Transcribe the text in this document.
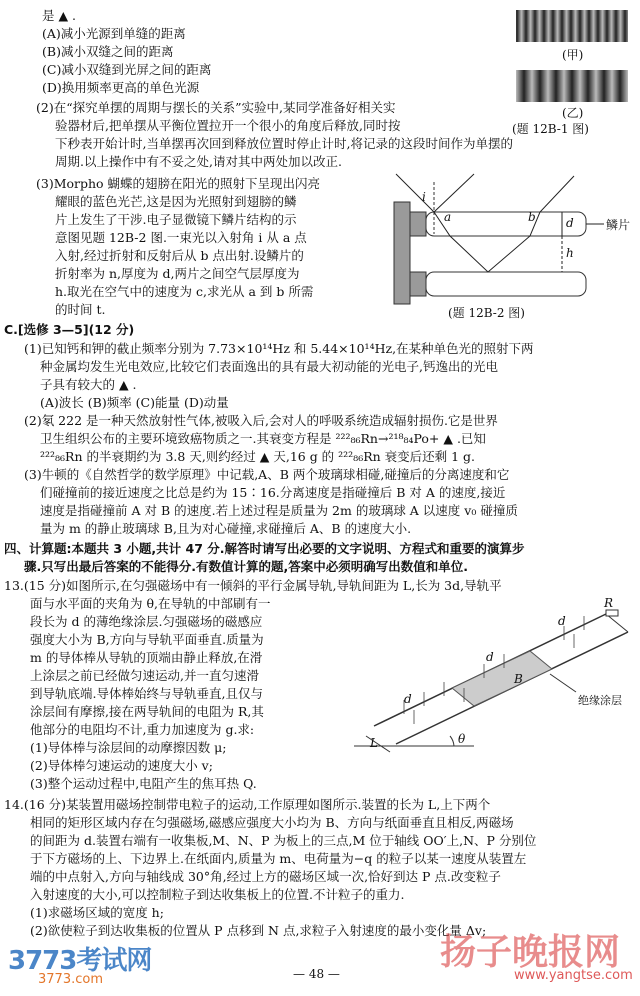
是 ▲ .
(A)减小光源到单缝的距离
(B)减小双缝之间的距离
(C)减小双缝到光屏之间的距离
(D)换用频率更高的单色光源
(2)在“探究单摆的周期与摆长的关系”实验中,某同学准备好相关实
验器材后,把单摆从平衡位置拉开一个很小的角度后释放,同时按
下秒表开始计时,当单摆再次回到释放位置时停止计时,将记录的这段时间作为单摆的
周期.以上操作中有不妥之处,请对其中两处加以改正.
(3)Morpho 蝴蝶的翅膀在阳光的照射下呈现出闪亮
耀眼的蓝色光芒,这是因为光照射到翅膀的鳞
片上发生了干涉.电子显微镜下鳞片结构的示
意图见题 12B-2 图.一束光以入射角 i 从 a 点
入射,经过折射和反射后从 b 点出射.设鳞片的
折射率为 n,厚度为 d,两片之间空气层厚度为
h.取光在空气中的速度为 c,求光从 a 到 b 所需
的时间 t.
(甲)
(乙)
(题 12B-1 图)
i
a	b	d
h
鳞片
(题 12B-2 图)
C.[选修 3—5](12 分)
(1)已知钙和钾的截止频率分别为 7.73×10¹⁴Hz 和 5.44×10¹⁴Hz,在某种单色光的照射下两
种金属均发生光电效应,比较它们表面逸出的具有最大初动能的光电子,钙逸出的光电
子具有较大的 ▲ .
(A)波长 (B)频率 (C)能量 (D)动量
(2)氡 222 是一种天然放射性气体,被吸入后,会对人的呼吸系统造成辐射损伤.它是世界
卫生组织公布的主要环境致癌物质之一.其衰变方程是 ²²²₈₆Rn→²¹⁸₈₄Po+ ▲ .已知
²²²₈₆Rn 的半衰期约为 3.8 天,则约经过 ▲ 天,16 g 的 ²²²₈₆Rn 衰变后还剩 1 g.
(3)牛顿的《自然哲学的数学原理》中记载,A、B 两个玻璃球相碰,碰撞后的分离速度和它
们碰撞前的接近速度之比总是约为 15∶16.分离速度是指碰撞后 B 对 A 的速度,接近
速度是指碰撞前 A 对 B 的速度.若上述过程是质量为 2m 的玻璃球 A 以速度 v₀ 碰撞质
量为 m 的静止玻璃球 B,且为对心碰撞,求碰撞后 A、B 的速度大小.
四、计算题:本题共 3 小题,共计 47 分.解答时请写出必要的文字说明、方程式和重要的演算步
骤.只写出最后答案的不能得分.有数值计算的题,答案中必须明确写出数值和单位.
13.(15 分)如图所示,在匀强磁场中有一倾斜的平行金属导轨,导轨间距为 L,长为 3d,导轨平
面与水平面的夹角为 θ,在导轨的中部刷有一
段长为 d 的薄绝缘涂层.匀强磁场的磁感应
强度大小为 B,方向与导轨平面垂直.质量为
m 的导体棒从导轨的顶端由静止释放,在滑
上涂层之前已经做匀速运动,并一直匀速滑
到导轨底端.导体棒始终与导轨垂直,且仅与
涂层间有摩擦,接在两导轨间的电阻为 R,其
他部分的电阻均不计,重力加速度为 g.求:
(1)导体棒与涂层间的动摩擦因数 μ;
(2)导体棒匀速运动的速度大小 v;
(3)整个运动过程中,电阻产生的焦耳热 Q.
R
B
d
d
d
L	θ
绝缘涂层
14.(16 分)某装置用磁场控制带电粒子的运动,工作原理如图所示.装置的长为 L,上下两个
相同的矩形区域内存在匀强磁场,磁感应强度大小均为 B、方向与纸面垂直且相反,两磁场
的间距为 d.装置右端有一收集板,M、N、P 为板上的三点,M 位于轴线 OO′上,N、P 分别位
于下方磁场的上、下边界上.在纸面内,质量为 m、电荷量为−q 的粒子以某一速度从装置左
端的中点射入,方向与轴线成 30°角,经过上方的磁场区域一次,恰好到达 P 点.改变粒子
入射速度的大小,可以控制粒子到达收集板上的位置.不计粒子的重力.
(1)求磁场区域的宽度 h;
(2)欲使粒子到达收集板的位置从 P 点移到 N 点,求粒子入射速度的最小变化量 Δv;
— 48 —
3773考试网
3773.com
扬子晚报网
www.yangtse.com
